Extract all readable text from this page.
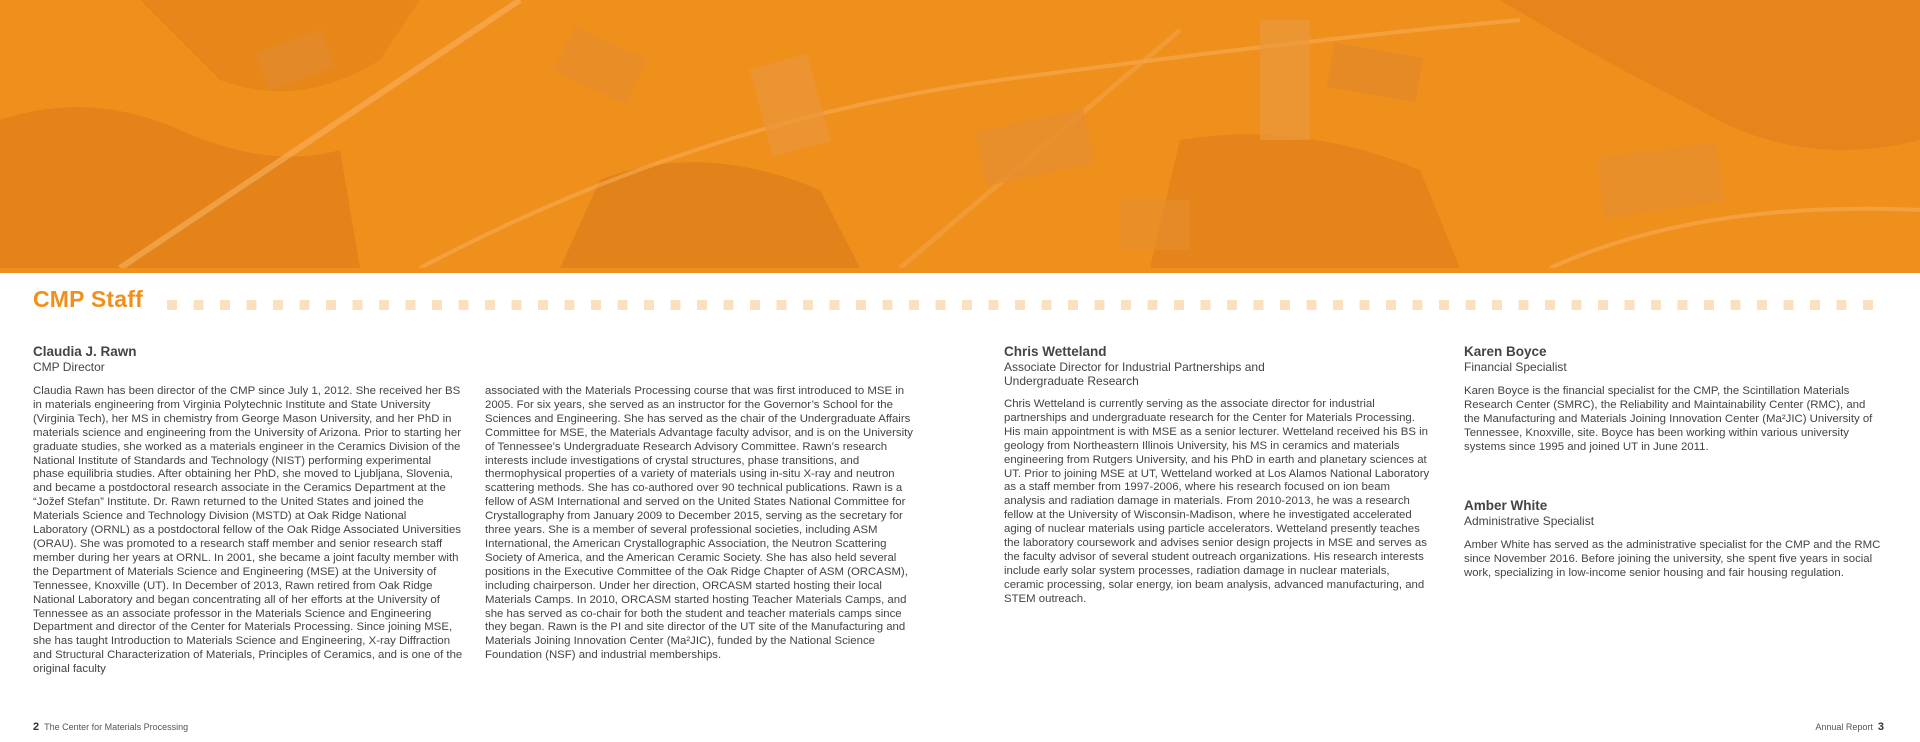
CMP Staff
Claudia J. Rawn
CMP Director

Claudia Rawn has been director of the CMP since July 1, 2012. She received her BS in materials engineering from Virginia Polytechnic Institute and State University (Virginia Tech), her MS in chemistry from George Mason University, and her PhD in materials science and engineering from the University of Arizona. Prior to starting her graduate studies, she worked as a materials engineer in the Ceramics Division of the National Institute of Standards and Technology (NIST) performing experimental phase equilibria studies. After obtaining her PhD, she moved to Ljubljana, Slovenia, and became a postdoctoral research associate in the Ceramics Department at the “Jožef Stefan” Institute. Dr. Rawn returned to the United States and joined the Materials Science and Technology Division (MSTD) at Oak Ridge National Laboratory (ORNL) as a postdoctoral fellow of the Oak Ridge Associated Universities (ORAU). She was promoted to a research staff member and senior research staff member during her years at ORNL. In 2001, she became a joint faculty member with the Department of Materials Science and Engineering (MSE) at the University of Tennessee, Knoxville (UT). In December of 2013, Rawn retired from Oak Ridge National Laboratory and began concentrating all of her efforts at the University of Tennessee as an associate professor in the Materials Science and Engineering Department and director of the Center for Materials Processing. Since joining MSE, she has taught Introduction to Materials Science and Engineering, X-ray Diffraction and Structural Characterization of Materials, Principles of Ceramics, and is one of the original faculty

associated with the Materials Processing course that was first introduced to MSE in 2005. For six years, she served as an instructor for the Governor’s School for the Sciences and Engineering. She has served as the chair of the Undergraduate Affairs Committee for MSE, the Materials Advantage faculty advisor, and is on the University of Tennessee’s Undergraduate Research Advisory Committee. Rawn’s research interests include investigations of crystal structures, phase transitions, and thermophysical properties of a variety of materials using in-situ X-ray and neutron scattering methods. She has co-authored over 90 technical publications. Rawn is a fellow of ASM International and served on the United States National Committee for Crystallography from January 2009 to December 2015, serving as the secretary for three years. She is a member of several professional societies, including ASM International, the American Crystallographic Association, the Neutron Scattering Society of America, and the American Ceramic Society. She has also held several positions in the Executive Committee of the Oak Ridge Chapter of ASM (ORCASM), including chairperson. Under her direction, ORCASM started hosting their local Materials Camps. In 2010, ORCASM started hosting Teacher Materials Camps, and she has served as co-chair for both the student and teacher materials camps since they began. Rawn is the PI and site director of the UT site of the Manufacturing and Materials Joining Innovation Center (Ma²JIC), funded by the National Science Foundation (NSF) and industrial memberships.

Chris Wetteland
Associate Director for Industrial Partnerships and Undergraduate Research

Chris Wetteland is currently serving as the associate director for industrial partnerships and undergraduate research for the Center for Materials Processing. His main appointment is with MSE as a senior lecturer. Wetteland received his BS in geology from Northeastern Illinois University, his MS in ceramics and materials engineering from Rutgers University, and his PhD in earth and planetary sciences at UT. Prior to joining MSE at UT, Wetteland worked at Los Alamos National Laboratory as a staff member from 1997-2006, where his research focused on ion beam analysis and radiation damage in materials. From 2010-2013, he was a research fellow at the University of Wisconsin-Madison, where he investigated accelerated aging of nuclear materials using particle accelerators. Wetteland presently teaches the laboratory coursework and advises senior design projects in MSE and serves as the faculty advisor of several student outreach organizations. His research interests include early solar system processes, radiation damage in nuclear materials, ceramic processing, solar energy, ion beam analysis, advanced manufacturing, and STEM outreach.

Karen Boyce
Financial Specialist

Karen Boyce is the financial specialist for the CMP, the Scintillation Materials Research Center (SMRC), the Reliability and Maintainability Center (RMC), and the Manufacturing and Materials Joining Innovation Center (Ma²JIC) University of Tennessee, Knoxville, site. Boyce has been working within various university systems since 1995 and joined UT in June 2011.

Amber White
Administrative Specialist

Amber White has served as the administrative specialist for the CMP and the RMC since November 2016. Before joining the university, she spent five years in social work, specializing in low-income senior housing and fair housing regulation.

2 The Center for Materials Processing	Annual Report 3
